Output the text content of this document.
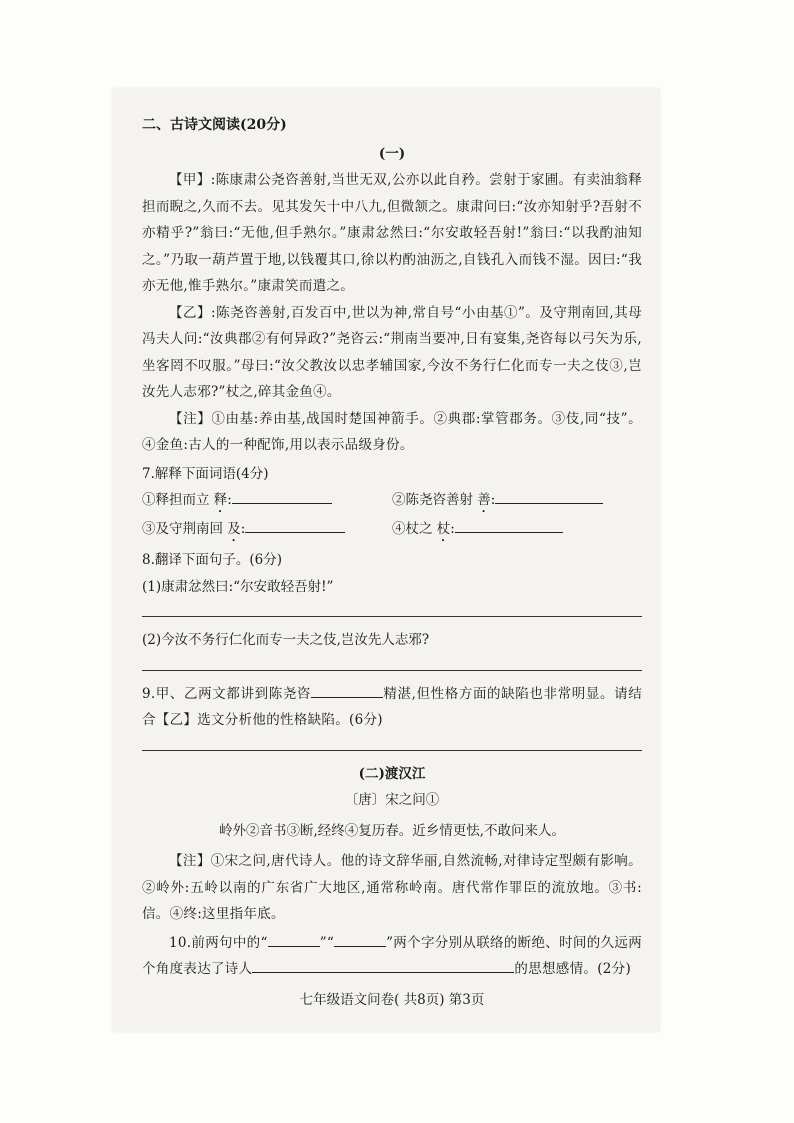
二、古诗文阅读(20分)
(一)

【甲】:陈康肃公尧咨善射,当世无双,公亦以此自矜。尝射于家圃。有卖油翁释担而睨之,久而不去。见其发矢十中八九,但微颔之。康肃问曰:“汝亦知射乎?吾射不亦精乎?”翁曰:“无他,但手熟尔。”康肃忿然曰:“尔安敢轻吾射!”翁曰:“以我酌油知之。”乃取一葫芦置于地,以钱覆其口,徐以杓酌油沥之,自钱孔入而钱不湿。因曰:“我亦无他,惟手熟尔。”康肃笑而遣之。

【乙】:陈尧咨善射,百发百中,世以为神,常自号“小由基①”。及守荆南回,其母冯夫人问:“汝典郡②有何异政?”尧咨云:“荆南当要冲,日有宴集,尧咨每以弓矢为乐,坐客罔不叹服。”母曰:“汝父教汝以忠孝辅国家,今汝不务行仁化而专一夫之伎③,岂汝先人志邪?”杖之,碎其金鱼④。

【注】①由基:养由基,战国时楚国神箭手。②典郡:掌管郡务。③伎,同“技”。④金鱼:古人的一种配饰,用以表示品级身份。

7.解释下面词语(4分)

①释担而立 释:	②陈尧咨善射 善:
③及守荆南回 及:	④杖之 杖:

8.翻译下面句子。(6分)

(1)康肃忿然曰:“尔安敢轻吾射!”

(2)今汝不务行仁化而专一夫之伎,岂汝先人志邪?

9.甲、乙两文都讲到陈尧咨	精湛,但性格方面的缺陷也非常明显。请结合【乙】选文分析他的性格缺陷。(6分)

(二)渡汉江
〔唐〕宋之问①
岭外②音书③断,经终④复历春。近乡情更怯,不敢问来人。

【注】①宋之问,唐代诗人。他的诗文辞华丽,自然流畅,对律诗定型颇有影响。②岭外:五岭以南的广东省广大地区,通常称岭南。唐代常作罪臣的流放地。③书:信。④终:这里指年底。

10.前两句中的“	”“	”两个字分别从联络的断绝、时间的久远两个角度表达了诗人	的思想感情。(2分)

七年级语文问卷( 共8页) 第3页
